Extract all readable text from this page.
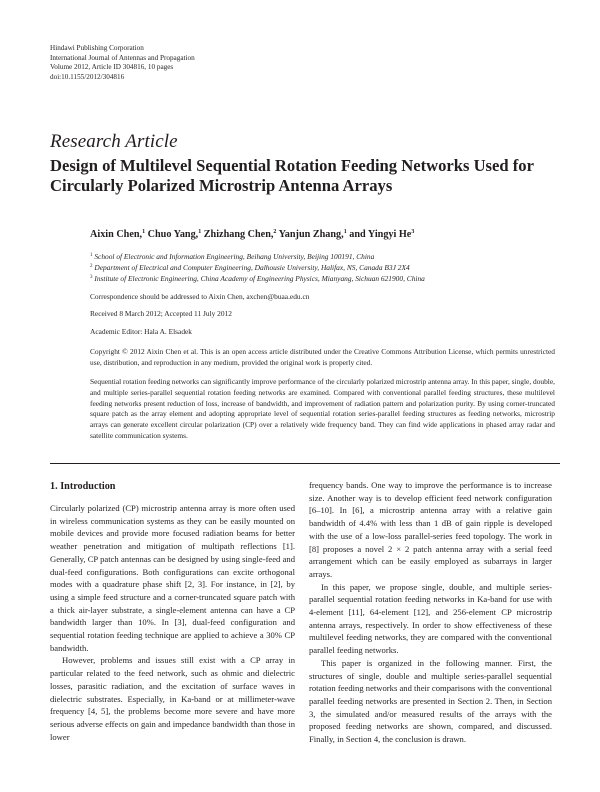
Hindawi Publishing Corporation
International Journal of Antennas and Propagation
Volume 2012, Article ID 304816, 10 pages
doi:10.1155/2012/304816
Research Article
Design of Multilevel Sequential Rotation Feeding Networks Used for Circularly Polarized Microstrip Antenna Arrays
Aixin Chen,$^1$ Chuo Yang,$^1$ Zhizhang Chen,$^2$ Yanjun Zhang,$^1$ and Yingyi He$^3$
$^1$ School of Electronic and Information Engineering, Beihang University, Beijing 100191, China
$^2$ Department of Electrical and Computer Engineering, Dalhousie University, Halifax, NS, Canada B3J 2X4
$^3$ Institute of Electronic Engineering, China Academy of Engineering Physics, Mianyang, Sichuan 621900, China
Correspondence should be addressed to Aixin Chen, axchen@buaa.edu.cn
Received 8 March 2012; Accepted 11 July 2012
Academic Editor: Hala A. Elsadek
Copyright © 2012 Aixin Chen et al. This is an open access article distributed under the Creative Commons Attribution License, which permits unrestricted use, distribution, and reproduction in any medium, provided the original work is properly cited.
Sequential rotation feeding networks can significantly improve performance of the circularly polarized microstrip antenna array. In this paper, single, double, and multiple series-parallel sequential rotation feeding networks are examined. Compared with conventional parallel feeding structures, these multilevel feeding networks present reduction of loss, increase of bandwidth, and improvement of radiation pattern and polarization purity. By using corner-truncated square patch as the array element and adopting appropriate level of sequential rotation series-parallel feeding structures as feeding networks, microstrip arrays can generate excellent circular polarization (CP) over a relatively wide frequency band. They can find wide applications in phased array radar and satellite communication systems.
1. Introduction

Circularly polarized (CP) microstrip antenna array is more often used in wireless communication systems as they can be easily mounted on mobile devices and provide more focused radiation beams for better weather penetration and mitigation of multipath reflections [1]. Generally, CP patch antennas can be designed by using single-feed and dual-feed configurations. Both configurations can excite orthogonal modes with a quadrature phase shift [2, 3]. For instance, in [2], by using a simple feed structure and a corner-truncated square patch with a thick air-layer substrate, a single-element antenna can have a CP bandwidth larger than 10%. In [3], dual-feed configuration and sequential rotation feeding technique are applied to achieve a 30% CP bandwidth.

However, problems and issues still exist with a CP array in particular related to the feed network, such as ohmic and dielectric losses, parasitic radiation, and the excitation of surface waves in dielectric substrates. Especially, in Ka-band or at millimeter-wave frequency [4, 5], the problems become more severe and have more serious adverse effects on gain and impedance bandwidth than those in lower

frequency bands. One way to improve the performance is to increase size. Another way is to develop efficient feed network configuration [6–10]. In [6], a microstrip antenna array with a relative gain bandwidth of 4.4% with less than 1 dB of gain ripple is developed with the use of a low-loss parallel-series feed topology. The work in [8] proposes a novel 2 × 2 patch antenna array with a serial feed arrangement which can be easily employed as subarrays in larger arrays.

In this paper, we propose single, double, and multiple series-parallel sequential rotation feeding networks in Ka-band for use with 4-element [11], 64-element [12], and 256-element CP microstrip antenna arrays, respectively. In order to show effectiveness of these multilevel feeding networks, they are compared with the conventional parallel feeding networks.

This paper is organized in the following manner. First, the structures of single, double and multiple series-parallel sequential rotation feeding networks and their comparisons with the conventional parallel feeding networks are presented in Section 2. Then, in Section 3, the simulated and/or measured results of the arrays with the proposed feeding networks are shown, compared, and discussed. Finally, in Section 4, the conclusion is drawn.
